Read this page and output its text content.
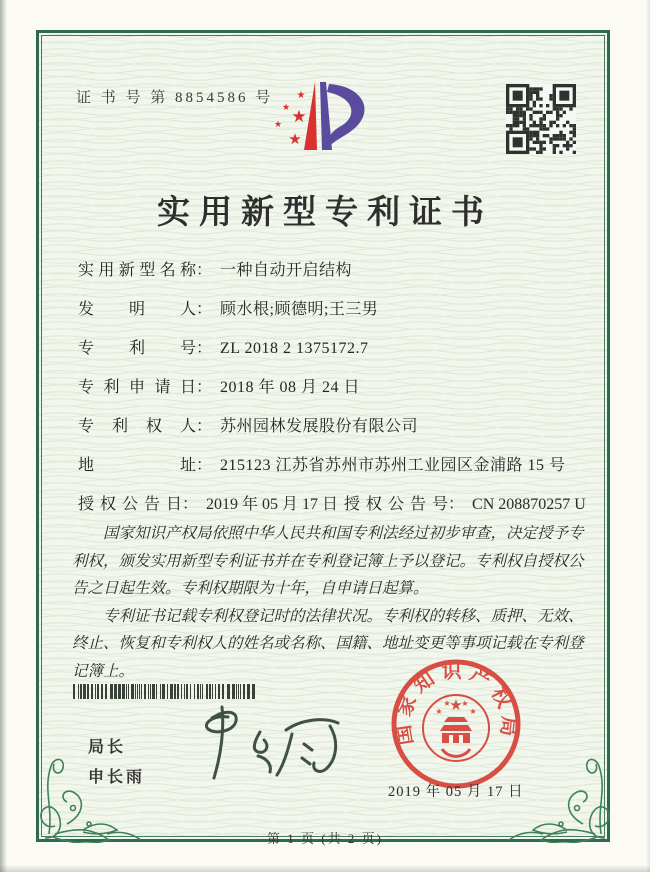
证 书 号 第 8854586 号 ★
★ ★
★
★
实用新型专利证书
实用新型名称： 一种自动开启结构
发明人： 顾水根;顾德明;王三男
专利号： ZL 2018 2 1375172.7
专利申请日： 2018 年 08 月 24 日
专利权人： 苏州园林发展股份有限公司
地址： 215123 江苏省苏州市苏州工业园区金浦路 15 号
授权公告日： 2019 年 05 月 17 日 授权公告号： CN 208870257 U

国家知识产权局依照中华人民共和国专利法经过初步审查，决定授予专利权，颁发实用新型专利证书并在专利登记簿上予以登记。专利权自授权公告之日起生效。专利权期限为十年，自申请日起算。

专利证书记载专利权登记时的法律状况。专利权的转移、质押、无效、终止、恢复和专利权人的姓名或名称、国籍、地址变更等事项记载在专利登记簿上。

局长
申长雨
国家知识产权局
★
★
★ ★
★
2019 年 05 月 17 日
第 1 页 (共 2 页)
